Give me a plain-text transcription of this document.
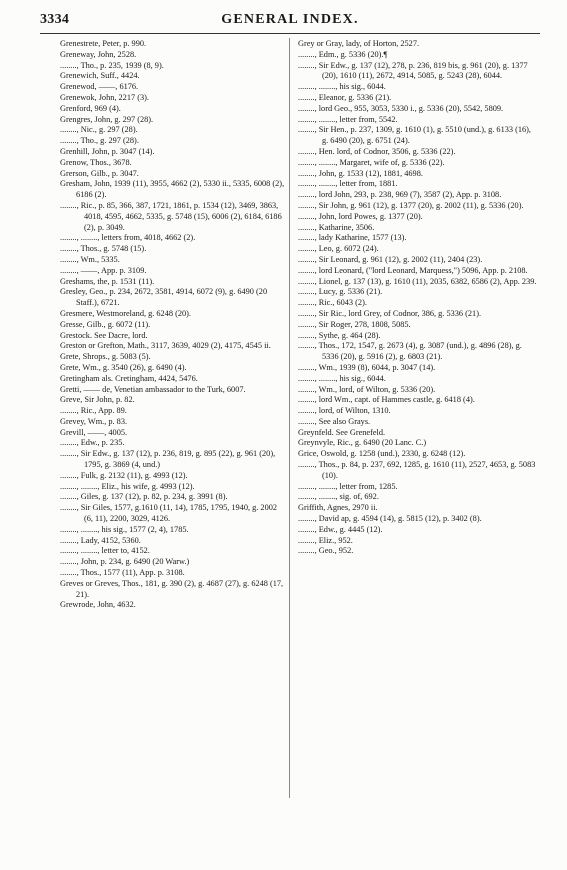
3334	GENERAL INDEX.

Grenestrete, Peter, p. 990.

Greneway, John, 2528.

........, Tho., p. 235, 1939 (8, 9).

Grenewich, Suff., 4424.

Grenewod, ——, 6176.

Grenewok, John, 2217 (3).

Grenford, 969 (4).

Grengres, John, g. 297 (28).

........, Nic., g. 297 (28).

........, Tho., g. 297 (28).

Grenhill, John, p. 3047 (14).

Grenow, Thos., 3678.

Grerson, Gilb., p. 3047.

Gresham, John, 1939 (11), 3955, 4662 (2), 5330 ii., 5335, 6008 (2), 6186 (2).

........, Ric., p. 85, 366, 387, 1721, 1861, p. 1534 (12), 3469, 3863, 4018, 4595, 4662, 5335, g. 5748 (15), 6006 (2), 6184, 6186 (2), p. 3049.

........, ........, letters from, 4018, 4662 (2).

........, Thos., g. 5748 (15).

........, Wm., 5335.

........, ——, App. p. 3109.

Greshams, the, p. 1531 (11).

Gresley, Geo., p. 234, 2672, 3581, 4914, 6072 (9), g. 6490 (20 Staff.), 6721.

Gresmere, Westmoreland, g. 6248 (20).

Gresse, Gilb., g. 6072 (11).

Grestock. See Dacre, lord.

Greston or Grefton, Math., 3117, 3639, 4029 (2), 4175, 4545 ii.

Grete, Shrops., g. 5083 (5).

Grete, Wm., g. 3540 (26), g. 6490 (4).

Gretingham als. Cretingham, 4424, 5476.

Gretti, —— de, Venetian ambassador to the Turk, 6007.

Greve, Sir John, p. 82.

........, Ric., App. 89.

Grevey, Wm., p. 83.

Grevill, ——, 4005.

........, Edw., p. 235.

........, Sir Edw., g. 137 (12), p. 236, 819, g. 895 (22), g. 961 (20), 1795, g. 3869 (4, und.)

........, Fulk, g. 2132 (11), g. 4993 (12).

........, ........, Eliz., his wife, g. 4993 (12).

........, Giles, g. 137 (12), p. 82, p. 234, g. 3991 (8).

........, Sir Giles, 1577, g.1610 (11, 14), 1785, 1795, 1940, g. 2002 (6, 11), 2200, 3029, 4126.

........, ........, his sig., 1577 (2, 4), 1785.

........, Lady, 4152, 5360.

........, ........, letter to, 4152.

........, John, p. 234, g. 6490 (20 Warw.)

........, Thos., 1577 (11), App. p. 3108.

Greves or Greves, Thos., 181, g. 390 (2), g. 4687 (27), g. 6248 (17, 21).

Grewrode, John, 4632.

Grey or Gray, lady, of Horton, 2527.

........, Edm., g. 5336 (20).¶

........, Sir Edw., g. 137 (12), 278, p. 236, 819 bis, g. 961 (20), g. 1377 (20), 1610 (11), 2672, 4914, 5085, g. 5243 (28), 6044.

........, ........, his sig., 6044.

........, Eleanor, g. 5336 (21).

........, lord Geo., 955, 3053, 5330 i., g. 5336 (20), 5542, 5809.

........, ........, letter from, 5542.

........, Sir Hen., p. 237, 1309, g. 1610 (1), g. 5510 (und.), g. 6133 (16), g. 6490 (20), g. 6751 (24).

........, Hen. lord, of Codnor, 3506, g. 5336 (22).

........, ........, Margaret, wife of, g. 5336 (22).

........, John, g. 1533 (12), 1881, 4698.

........, ........, letter from, 1881.

........, lord John, 293, p. 238, 969 (7), 3587 (2), App. p. 3108.

........, Sir John, g. 961 (12), g. 1377 (20), g. 2002 (11), g. 5336 (20).

........, John, lord Powes, g. 1377 (20).

........, Katharine, 3506.

........, lady Katharine, 1577 (13).

........, Leo, g. 6072 (24).

........, Sir Leonard, g. 961 (12), g. 2002 (11), 2404 (23).

........, lord Leonard, ("lord Leonard, Marquess,") 5096, App. p. 2108.

........, Lionel, g. 137 (13), g. 1610 (11), 2035, 6382, 6586 (2), App. 239.

........, Lucy, g. 5336 (21).

........, Ric., 6043 (2).

........, Sir Ric., lord Grey, of Codnor, 386, g. 5336 (21).

........, Sir Roger, 278, 1808, 5085.

........, Sythe, g. 464 (28).

........, Thos., 172, 1547, g. 2673 (4), g. 3087 (und.), g. 4896 (28), g. 5336 (20), g. 5916 (2), g. 6803 (21).

........, Wm., 1939 (8), 6044, p. 3047 (14).

........, ........, his sig., 6044.

........, Wm., lord, of Wilton, g. 5336 (20).

........, lord Wm., capt. of Hammes castle, g. 6418 (4).

........, lord, of Wilton, 1310.

........, See also Grays.

Greynfeld. See Grenefeld.

Greynvyle, Ric., g. 6490 (20 Lanc. C.)

Grice, Oswold, g. 1258 (und.), 2330, g. 6248 (12).

........, Thos., p. 84, p. 237, 692, 1285, g. 1610 (11), 2527, 4653, g. 5083 (10).

........, ........, letter from, 1285.

........, ........, sig. of, 692.

Griffith, Agnes, 2970 ii.

........, David ap, g. 4594 (14), g. 5815 (12), p. 3402 (8).

........, Edw., g. 4445 (12).

........, Eliz., 952.

........, Geo., 952.
